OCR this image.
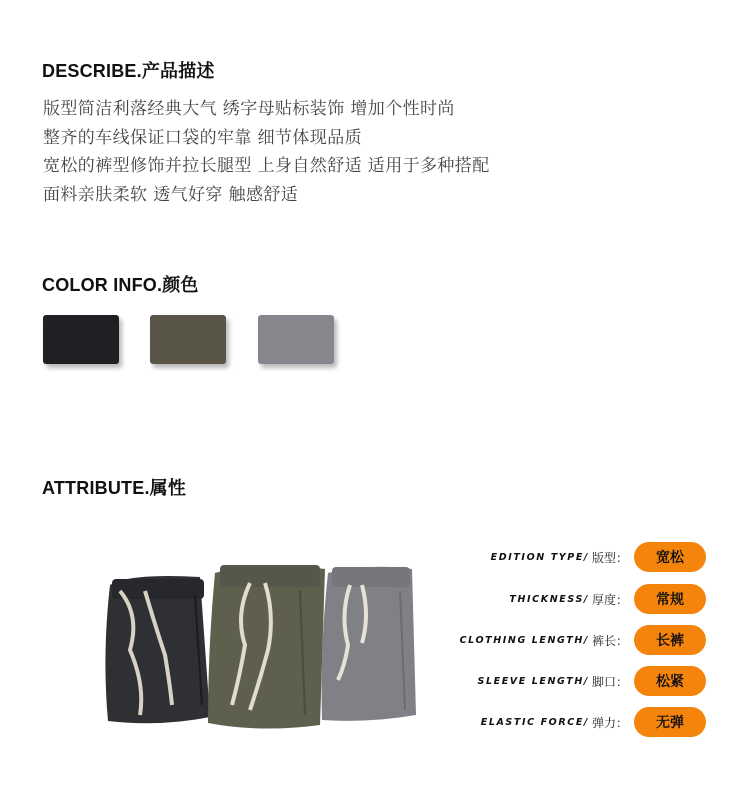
DESCRIBE.产品描述
版型简洁利落经典大气 绣字母贴标装饰 增加个性时尚
整齐的车线保证口袋的牢靠 细节体现品质
宽松的裤型修饰并拉长腿型 上身自然舒适 适用于多种搭配
面料亲肤柔软 透气好穿 触感舒适
COLOR INFO.颜色
ATTRIBUTE.属性
EDITION TYPE/ 版型：	宽松
THICKNESS/ 厚度：	常规
CLOTHING LENGTH/ 裤长：	长裤
SLEEVE LENGTH/ 脚口：	松紧
ELASTIC FORCE/ 弹力：	无弹
